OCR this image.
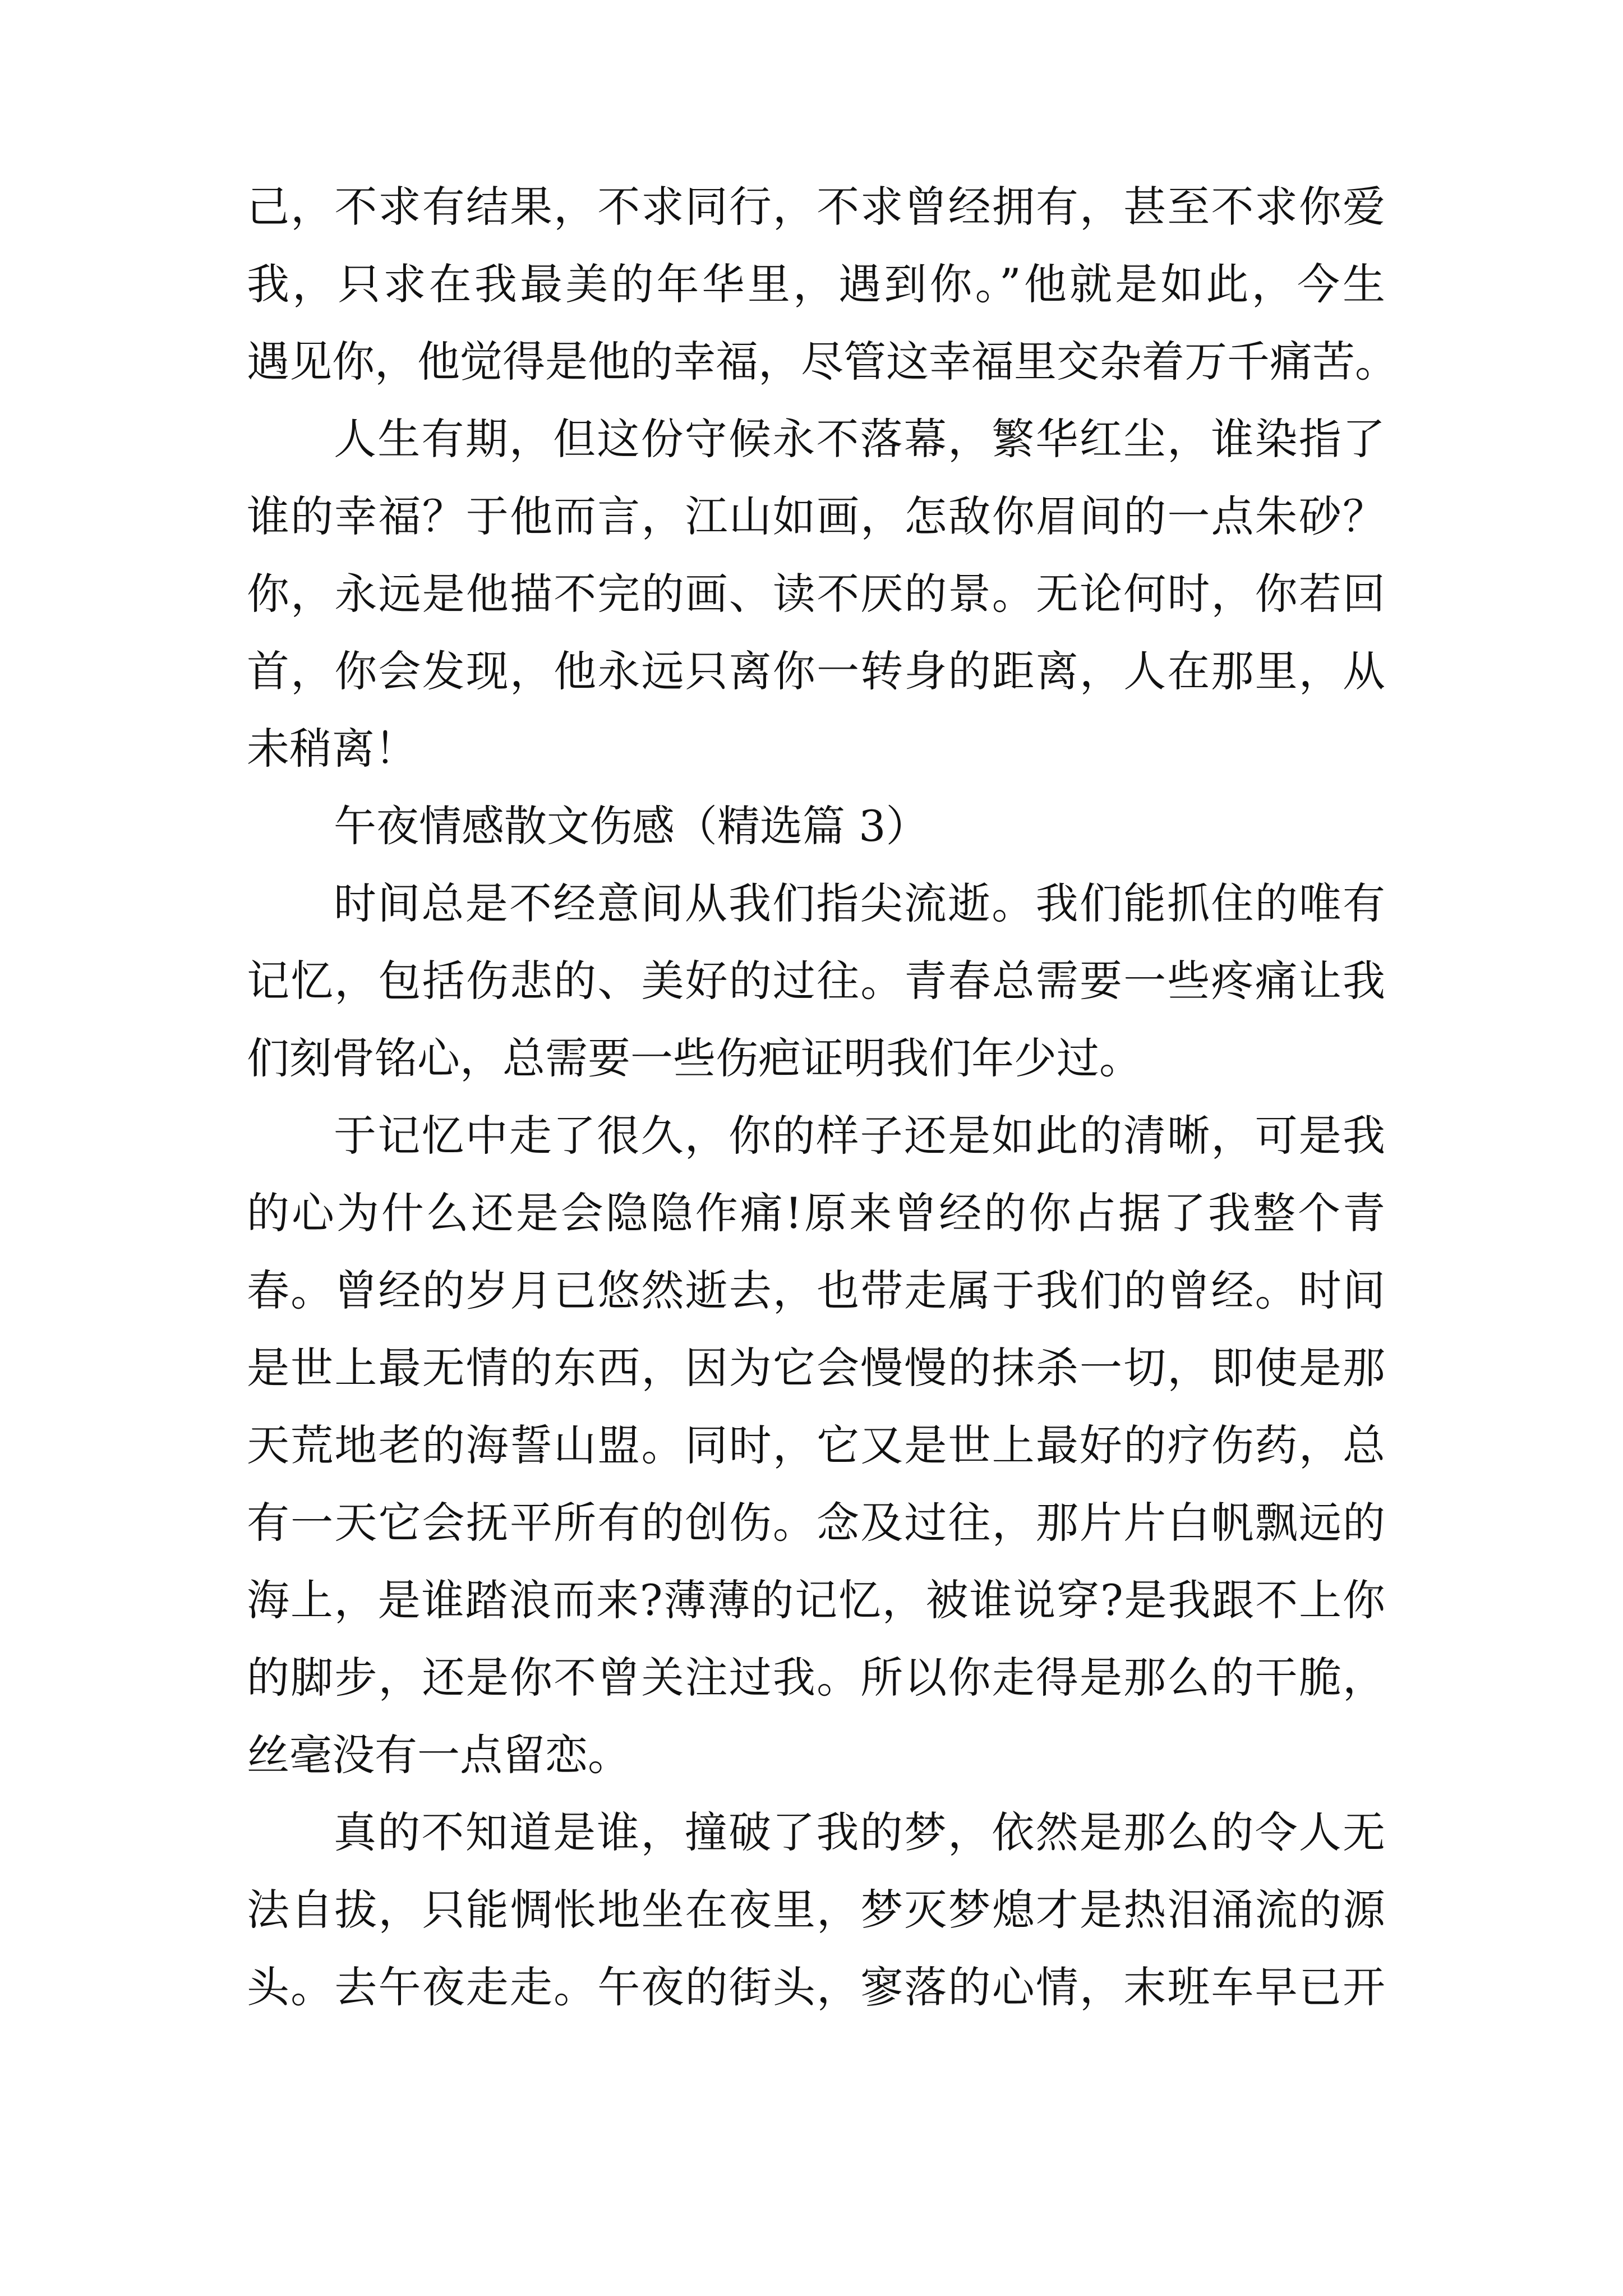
己，不求有结果，不求同行，不求曾经拥有，甚至不求你爱
我，只求在我最美的年华里，遇到你。”他就是如此，今生
遇见你，他觉得是他的幸福，尽管这幸福里交杂着万千痛苦。
人生有期，但这份守候永不落幕，繁华红尘，谁染指了
谁的幸福？于他而言，江山如画，怎敌你眉间的一点朱砂？
你，永远是他描不完的画、读不厌的景。无论何时，你若回
首，你会发现，他永远只离你一转身的距离，人在那里，从
未稍离！
午夜情感散文伤感（精选篇 3）
时间总是不经意间从我们指尖流逝。我们能抓住的唯有
记忆，包括伤悲的、美好的过往。青春总需要一些疼痛让我
们刻骨铭心，总需要一些伤疤证明我们年少过。
于记忆中走了很久，你的样子还是如此的清晰，可是我
的心为什么还是会隐隐作痛!原来曾经的你占据了我整个青
春。曾经的岁月已悠然逝去，也带走属于我们的曾经。时间
是世上最无情的东西，因为它会慢慢的抹杀一切，即使是那
天荒地老的海誓山盟。同时，它又是世上最好的疗伤药，总
有一天它会抚平所有的创伤。念及过往，那片片白帆飘远的
海上，是谁踏浪而来?薄薄的记忆，被谁说穿?是我跟不上你
的脚步，还是你不曾关注过我。所以你走得是那么的干脆，
丝毫没有一点留恋。
真的不知道是谁，撞破了我的梦，依然是那么的令人无
法自拔，只能惆怅地坐在夜里，梦灭梦熄才是热泪涌流的源
头。去午夜走走。午夜的街头，寥落的心情，末班车早已开
